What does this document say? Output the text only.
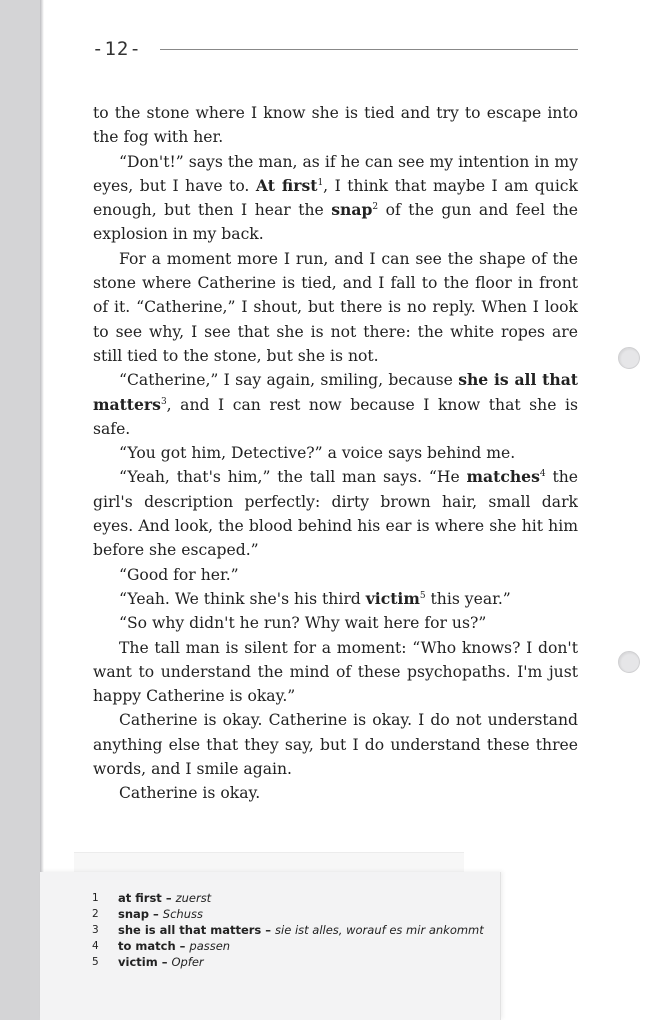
-12-

to the stone where I know she is tied and try to escape into the fog with her.

“Don't!” says the man, as if he can see my intention in my eyes, but I have to. At first$^1$, I think that maybe I am quick enough, but then I hear the snap$^2$ of the gun and feel the explosion in my back.

For a moment more I run, and I can see the shape of the stone where Catherine is tied, and I fall to the floor in front of it. “Catherine,” I shout, but there is no reply. When I look to see why, I see that she is not there: the white ropes are still tied to the stone, but she is not.

“Catherine,” I say again, smiling, because she is all that matters$^3$, and I can rest now because I know that she is safe.

“You got him, Detective?” a voice says behind me.

“Yeah, that's him,” the tall man says. “He matches$^4$ the girl's description perfectly: dirty brown hair, small dark eyes. And look, the blood behind his ear is where she hit him before she escaped.”

“Good for her.”

“Yeah. We think she's his third victim$^5$ this year.”

“So why didn't he run? Why wait here for us?”

The tall man is silent for a moment: “Who knows? I don't want to understand the mind of these psychopaths. I'm just happy Catherine is okay.”

Catherine is okay. Catherine is okay. I do not understand anything else that they say, but I do understand these three words, and I smile again.

Catherine is okay.

1	at first – zuerst
2	snap – Schuss
3	she is all that matters – sie ist alles, worauf es mir ankommt
4	to match – passen
5	victim – Opfer
